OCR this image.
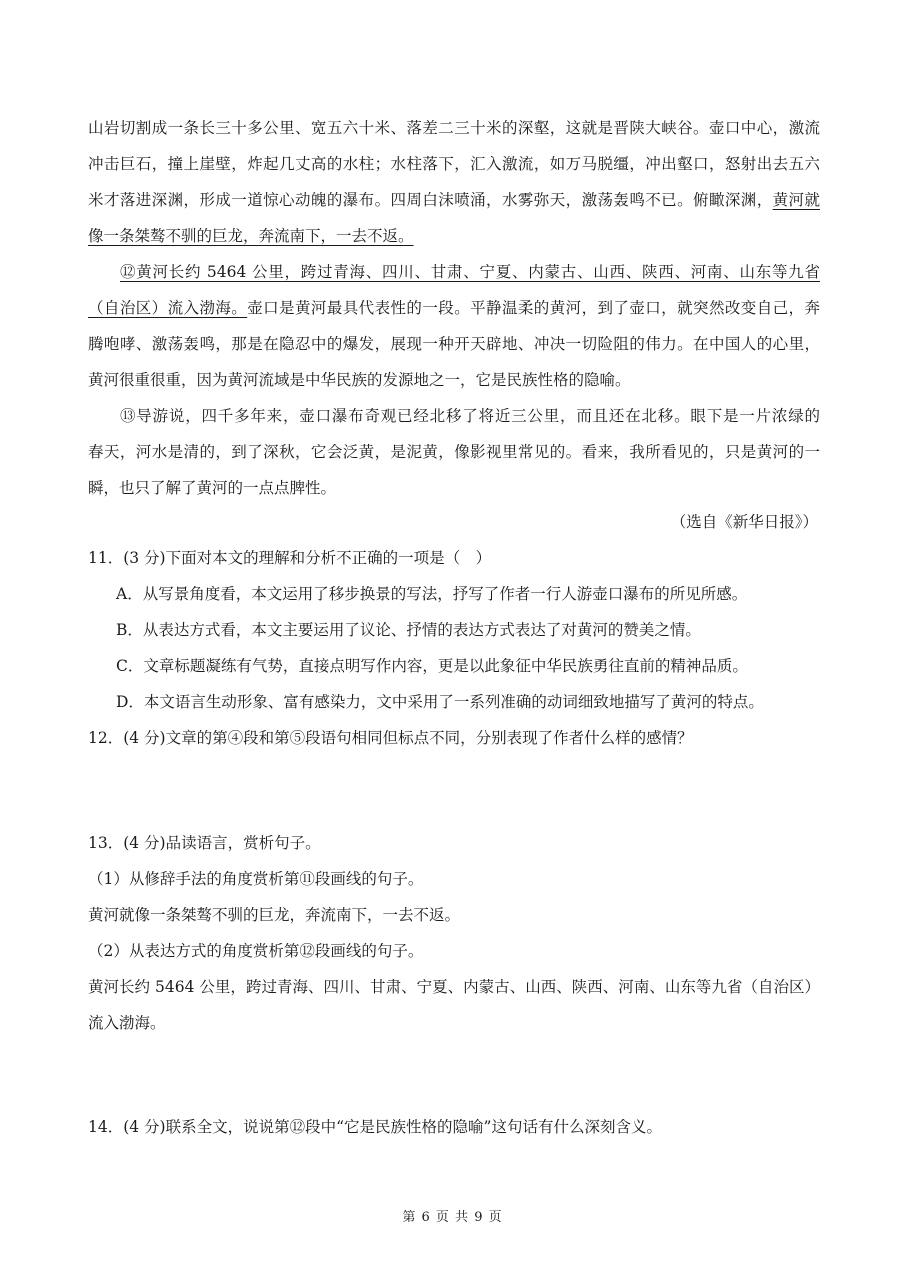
山岩切割成一条长三十多公里、宽五六十米、落差二三十米的深壑，这就是晋陕大峡谷。壶口中心，激流
冲击巨石，撞上崖壁，炸起几丈高的水柱；水柱落下，汇入激流，如万马脱缰，冲出壑口，怒射出去五六
米才落进深渊，形成一道惊心动魄的瀑布。四周白沫喷涌，水雾弥天，激荡轰鸣不已。俯瞰深渊，黄河就
像一条桀骜不驯的巨龙，奔流南下，一去不返。
⑫黄河长约 5464 公里，跨过青海、四川、甘肃、宁夏、内蒙古、山西、陕西、河南、山东等九省
（自治区）流入渤海。壶口是黄河最具代表性的一段。平静温柔的黄河，到了壶口，就突然改变自己，奔
腾咆哮、激荡轰鸣，那是在隐忍中的爆发，展现一种开天辟地、冲决一切险阻的伟力。在中国人的心里，
黄河很重很重，因为黄河流域是中华民族的发源地之一，它是民族性格的隐喻。
⑬导游说，四千多年来，壶口瀑布奇观已经北移了将近三公里，而且还在北移。眼下是一片浓绿的
春天，河水是清的，到了深秋，它会泛黄，是泥黄，像影视里常见的。看来，我所看见的，只是黄河的一
瞬，也只了解了黄河的一点点脾性。
（选自《新华日报》）
11．(3 分)下面对本文的理解和分析不正确的一项是（　）
A．从写景角度看，本文运用了移步换景的写法，抒写了作者一行人游壶口瀑布的所见所感。
B．从表达方式看，本文主要运用了议论、抒情的表达方式表达了对黄河的赞美之情。
C．文章标题凝练有气势，直接点明写作内容，更是以此象征中华民族勇往直前的精神品质。
D．本文语言生动形象、富有感染力，文中采用了一系列准确的动词细致地描写了黄河的特点。
12．(4 分)文章的第④段和第⑤段语句相同但标点不同，分别表现了作者什么样的感情？
13．(4 分)品读语言，赏析句子。
（1）从修辞手法的角度赏析第⑪段画线的句子。
黄河就像一条桀骜不驯的巨龙，奔流南下，一去不返。
（2）从表达方式的角度赏析第⑫段画线的句子。
黄河长约 5464 公里，跨过青海、四川、甘肃、宁夏、内蒙古、山西、陕西、河南、山东等九省（自治区）
流入渤海。
14．(4 分)联系全文，说说第⑫段中“它是民族性格的隐喻”这句话有什么深刻含义。
第 6 页 共 9 页
